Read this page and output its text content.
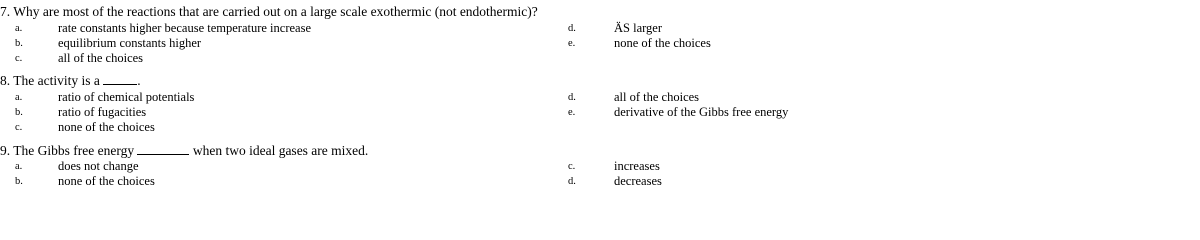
7. Why are most of the reactions that are carried out on a large scale exothermic (not endothermic)?
a.	rate constants higher because temperature increase	d.	ÄS larger
b.	equilibrium constants higher	e.	none of the choices
c.	all of the choices
8. The activity is a	.
a.	ratio of chemical potentials	d.	all of the choices
b.	ratio of fugacities	e.	derivative of the Gibbs free energy
c.	none of the choices
9. The Gibbs free energy	when two ideal gases are mixed.
a.	does not change	c.	increases
b.	none of the choices	d.	decreases
